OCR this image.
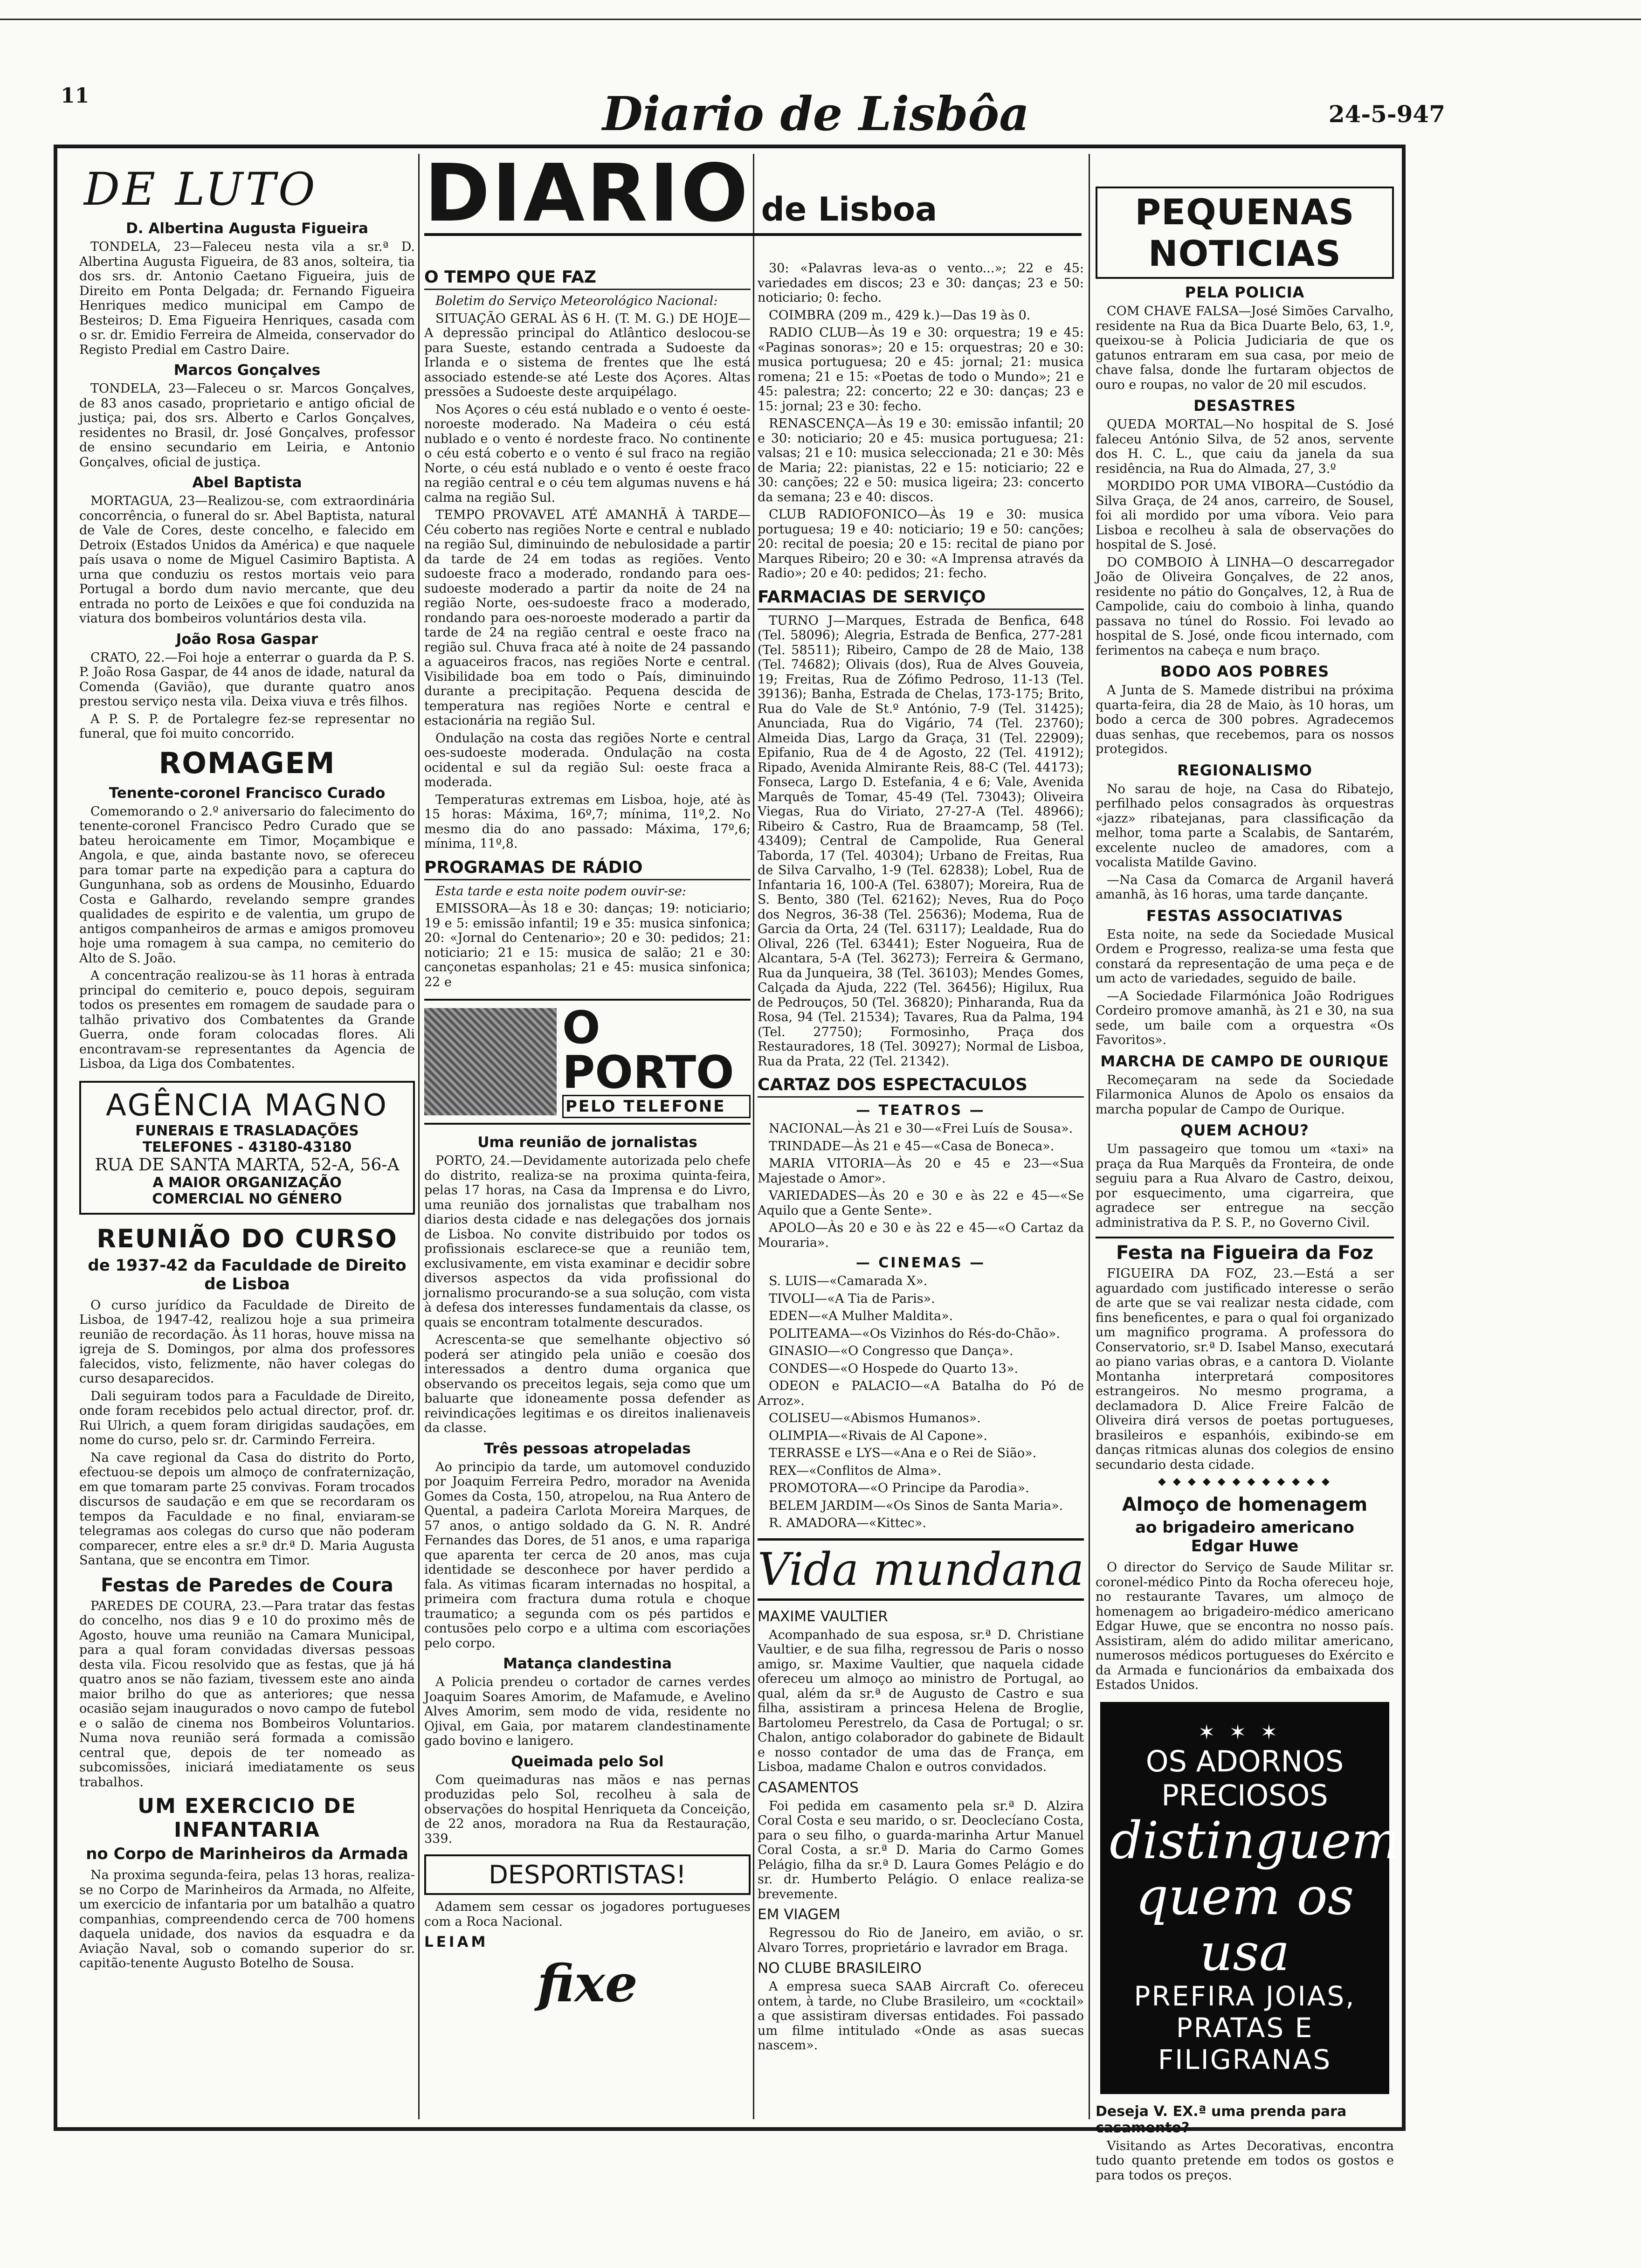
11	Diario de Lisbôa	24-5-947
DE LUTO
D. Albertina Augusta Figueira

TONDELA, 23—Faleceu nesta vila a sr.ª D. Albertina Augusta Figueira, de 83 anos, solteira, tia dos srs. dr. Antonio Caetano Figueira, juis de Direito em Ponta Delgada; dr. Fernando Figueira Henriques medico municipal em Campo de Besteiros; D. Ema Figueira Henriques, casada com o sr. dr. Emidio Ferreira de Almeida, conservador do Registo Predial em Castro Daire.

Marcos Gonçalves

TONDELA, 23—Faleceu o sr. Marcos Gonçalves, de 83 anos casado, proprietario e antigo oficial de justiça; pai, dos srs. Alberto e Carlos Gonçalves, residentes no Brasil, dr. José Gonçalves, professor de ensino secundario em Leiria, e Antonio Gonçalves, oficial de justiça.

Abel Baptista

MORTAGUA, 23—Realizou-se, com extraordinária concorrência, o funeral do sr. Abel Baptista, natural de Vale de Cores, deste concelho, e falecido em Detroix (Estados Unidos da América) e que naquele país usava o nome de Miguel Casimiro Baptista. A urna que conduziu os restos mortais veio para Portugal a bordo dum navio mercante, que deu entrada no porto de Leixões e que foi conduzida na viatura dos bombeiros voluntários desta vila.

João Rosa Gaspar

CRATO, 22.—Foi hoje a enterrar o guarda da P. S. P. João Rosa Gaspar, de 44 anos de idade, natural da Comenda (Gavião), que durante quatro anos prestou serviço nesta vila. Deixa viuva e três filhos.

A P. S. P. de Portalegre fez-se representar no funeral, que foi muito concorrido.

ROMAGEM
Tenente-coronel Francisco Curado

Comemorando o 2.º aniversario do falecimento do tenente-coronel Francisco Pedro Curado que se bateu heroicamente em Timor, Moçambique e Angola, e que, ainda bastante novo, se ofereceu para tomar parte na expedição para a captura do Gungunhana, sob as ordens de Mousinho, Eduardo Costa e Galhardo, revelando sempre grandes qualidades de espirito e de valentia, um grupo de antigos companheiros de armas e amigos promoveu hoje uma romagem à sua campa, no cemiterio do Alto de S. João.

A concentração realizou-se às 11 horas à entrada principal do cemiterio e, pouco depois, seguiram todos os presentes em romagem de saudade para o talhão privativo dos Combatentes da Grande Guerra, onde foram colocadas flores. Ali encontravam-se representantes da Agencia de Lisboa, da Liga dos Combatentes.

AGÊNCIA MAGNO
FUNERAIS E TRASLADAÇÕES
TELEFONES - 43180-43180
RUA DE SANTA MARTA, 52-A, 56-A
A MAIOR ORGANIZAÇÃO
COMERCIAL NO GÉNERO
REUNIÃO DO CURSO
de 1937-42 da Faculdade de Direito de Lisboa

O curso jurídico da Faculdade de Direito de Lisboa, de 1947-42, realizou hoje a sua primeira reunião de recordação. Às 11 horas, houve missa na igreja de S. Domingos, por alma dos professores falecidos, visto, felizmente, não haver colegas do curso desaparecidos.

Dali seguiram todos para a Faculdade de Direito, onde foram recebidos pelo actual director, prof. dr. Rui Ulrich, a quem foram dirigidas saudações, em nome do curso, pelo sr. dr. Carmindo Ferreira.

Na cave regional da Casa do distrito do Porto, efectuou-se depois um almoço de confraternização, em que tomaram parte 25 convivas. Foram trocados discursos de saudação e em que se recordaram os tempos da Faculdade e no final, enviaram-se telegramas aos colegas do curso que não poderam comparecer, entre eles a sr.ª dr.ª D. Maria Augusta Santana, que se encontra em Timor.

Festas de Paredes de Coura

PAREDES DE COURA, 23.—Para tratar das festas do concelho, nos dias 9 e 10 do proximo mês de Agosto, houve uma reunião na Camara Municipal, para a qual foram convidadas diversas pessoas desta vila. Ficou resolvido que as festas, que já há quatro anos se não faziam, tivessem este ano ainda maior brilho do que as anteriores; que nessa ocasião sejam inaugurados o novo campo de futebol e o salão de cinema nos Bombeiros Voluntarios. Numa nova reunião será formada a comissão central que, depois de ter nomeado as subcomissões, iniciará imediatamente os seus trabalhos.

UM EXERCICIO DE INFANTARIA
no Corpo de Marinheiros da Armada

Na proxima segunda-feira, pelas 13 horas, realiza-se no Corpo de Marinheiros da Armada, no Alfeite, um exercicio de infantaria por um batalhão a quatro companhias, compreendendo cerca de 700 homens daquela unidade, dos navios da esquadra e da Aviação Naval, sob o comando superior do sr. capitão-tenente Augusto Botelho de Sousa.

DIARIO de Lisboa
O TEMPO QUE FAZ

Boletim do Serviço Meteorológico Nacional:

SITUAÇÃO GERAL ÀS 6 H. (T. M. G.) DE HOJE—A depressão principal do Atlântico deslocou-se para Sueste, estando centrada a Sudoeste da Irlanda e o sistema de frentes que lhe está associado estende-se até Leste dos Açores. Altas pressões a Sudoeste deste arquipélago.

Nos Açores o céu está nublado e o vento é oeste-noroeste moderado. Na Madeira o céu está nublado e o vento é nordeste fraco. No continente o céu está coberto e o vento é sul fraco na região Norte, o céu está nublado e o vento é oeste fraco na região central e o céu tem algumas nuvens e há calma na região Sul.

TEMPO PROVAVEL ATÉ AMANHÃ À TARDE—Céu coberto nas regiões Norte e central e nublado na região Sul, diminuindo de nebulosidade a partir da tarde de 24 em todas as regiões. Vento sudoeste fraco a moderado, rondando para oes-sudoeste moderado a partir da noite de 24 na região Norte, oes-sudoeste fraco a moderado, rondando para oes-noroeste moderado a partir da tarde de 24 na região central e oeste fraco na região sul. Chuva fraca até à noite de 24 passando a aguaceiros fracos, nas regiões Norte e central. Visibilidade boa em todo o País, diminuindo durante a precipitação. Pequena descida de temperatura nas regiões Norte e central e estacionária na região Sul.

Ondulação na costa das regiões Norte e central oes-sudoeste moderada. Ondulação na costa ocidental e sul da região Sul: oeste fraca a moderada.

Temperaturas extremas em Lisboa, hoje, até às 15 horas: Máxima, 16º,7; mínima, 11º,2. No mesmo dia do ano passado: Máxima, 17º,6; mínima, 11º,8.

PROGRAMAS DE RÁDIO

Esta tarde e esta noite podem ouvir-se:

EMISSORA—Às 18 e 30: danças; 19: noticiario; 19 e 5: emissão infantil; 19 e 35: musica sinfonica; 20: «Jornal do Centenario»; 20 e 30: pedidos; 21: noticiario; 21 e 15: musica de salão; 21 e 30: cançonetas espanholas; 21 e 45: musica sinfonica; 22 e

O PORTO
PELO TELEFONE
Uma reunião de jornalistas

PORTO, 24.—Devidamente autorizada pelo chefe do distrito, realiza-se na proxima quinta-feira, pelas 17 horas, na Casa da Imprensa e do Livro, uma reunião dos jornalistas que trabalham nos diarios desta cidade e nas delegações dos jornais de Lisboa. No convite distribuido por todos os profissionais esclarece-se que a reunião tem, exclusivamente, em vista examinar e decidir sobre diversos aspectos da vida profissional do jornalismo procurando-se a sua solução, com vista à defesa dos interesses fundamentais da classe, os quais se encontram totalmente descurados.

Acrescenta-se que semelhante objectivo só poderá ser atingido pela união e coesão dos interessados a dentro duma organica que observando os preceitos legais, seja como que um baluarte que idoneamente possa defender as reivindicações legitimas e os direitos inalienaveis da classe.

Três pessoas atropeladas

Ao principio da tarde, um automovel conduzido por Joaquim Ferreira Pedro, morador na Avenida Gomes da Costa, 150, atropelou, na Rua Antero de Quental, a padeira Carlota Moreira Marques, de 57 anos, o antigo soldado da G. N. R. André Fernandes das Dores, de 51 anos, e uma rapariga que aparenta ter cerca de 20 anos, mas cuja identidade se desconhece por haver perdido a fala. As vitimas ficaram internadas no hospital, a primeira com fractura duma rotula e choque traumatico; a segunda com os pés partidos e contusões pelo corpo e a ultima com escoriações pelo corpo.

Matança clandestina

A Policia prendeu o cortador de carnes verdes Joaquim Soares Amorim, de Mafamude, e Avelino Alves Amorim, sem modo de vida, residente no Ojival, em Gaia, por matarem clandestinamente gado bovino e lanigero.

Queimada pelo Sol

Com queimaduras nas mãos e nas pernas produzidas pelo Sol, recolheu à sala de observações do hospital Henriqueta da Conceição, de 22 anos, moradora na Rua da Restauração, 339.

DESPORTISTAS!

Adamem sem cessar os jogadores portugueses com a Roca Nacional.

LEIAM
fixe

30: «Palavras leva-as o vento...»; 22 e 45: variedades em discos; 23 e 30: danças; 23 e 50: noticiario; 0: fecho.

COIMBRA (209 m., 429 k.)—Das 19 às 0.

RADIO CLUB—Às 19 e 30: orquestra; 19 e 45: «Paginas sonoras»; 20 e 15: orquestras; 20 e 30: musica portuguesa; 20 e 45: jornal; 21: musica romena; 21 e 15: «Poetas de todo o Mundo»; 21 e 45: palestra; 22: concerto; 22 e 30: danças; 23 e 15: jornal; 23 e 30: fecho.

RENASCENÇA—Às 19 e 30: emissão infantil; 20 e 30: noticiario; 20 e 45: musica portuguesa; 21: valsas; 21 e 10: musica seleccionada; 21 e 30: Mês de Maria; 22: pianistas, 22 e 15: noticiario; 22 e 30: canções; 22 e 50: musica ligeira; 23: concerto da semana; 23 e 40: discos.

CLUB RADIOFONICO—Às 19 e 30: musica portuguesa; 19 e 40: noticiario; 19 e 50: canções; 20: recital de poesia; 20 e 15: recital de piano por Marques Ribeiro; 20 e 30: «A Imprensa através da Radio»; 20 e 40: pedidos; 21: fecho.

FARMACIAS DE SERVIÇO

TURNO J—Marques, Estrada de Benfica, 648 (Tel. 58096); Alegria, Estrada de Benfica, 277-281 (Tel. 58511); Ribeiro, Campo de 28 de Maio, 138 (Tel. 74682); Olivais (dos), Rua de Alves Gouveia, 19; Freitas, Rua de Zófimo Pedroso, 11-13 (Tel. 39136); Banha, Estrada de Chelas, 173-175; Brito, Rua do Vale de St.º António, 7-9 (Tel. 31425); Anunciada, Rua do Vigário, 74 (Tel. 23760); Almeida Dias, Largo da Graça, 31 (Tel. 22909); Epifanio, Rua de 4 de Agosto, 22 (Tel. 41912); Ripado, Avenida Almirante Reis, 88-C (Tel. 44173); Fonseca, Largo D. Estefania, 4 e 6; Vale, Avenida Marquês de Tomar, 45-49 (Tel. 73043); Oliveira Viegas, Rua do Viriato, 27-27-A (Tel. 48966); Ribeiro & Castro, Rua de Braamcamp, 58 (Tel. 43409); Central de Campolide, Rua General Taborda, 17 (Tel. 40304); Urbano de Freitas, Rua de Silva Carvalho, 1-9 (Tel. 62838); Lobel, Rua de Infantaria 16, 100-A (Tel. 63807); Moreira, Rua de S. Bento, 380 (Tel. 62162); Neves, Rua do Poço dos Negros, 36-38 (Tel. 25636); Modema, Rua de Garcia da Orta, 24 (Tel. 63117); Lealdade, Rua do Olival, 226 (Tel. 63441); Ester Nogueira, Rua de Alcantara, 5-A (Tel. 36273); Ferreira & Germano, Rua da Junqueira, 38 (Tel. 36103); Mendes Gomes, Calçada da Ajuda, 222 (Tel. 36456); Higilux, Rua de Pedrouços, 50 (Tel. 36820); Pinharanda, Rua da Rosa, 94 (Tel. 21534); Tavares, Rua da Palma, 194 (Tel. 27750); Formosinho, Praça dos Restauradores, 18 (Tel. 30927); Normal de Lisboa, Rua da Prata, 22 (Tel. 21342).

CARTAZ DOS ESPECTACULOS
— TEATROS —

NACIONAL—Às 21 e 30—«Frei Luís de Sousa».

TRINDADE—Às 21 e 45—«Casa de Boneca».

MARIA VITORIA—Às 20 e 45 e 23—«Sua Majestade o Amor».

VARIEDADES—Às 20 e 30 e às 22 e 45—«Se Aquilo que a Gente Sente».

APOLO—Às 20 e 30 e às 22 e 45—«O Cartaz da Mouraria».

— CINEMAS —

S. LUIS—«Camarada X».

TIVOLI—«A Tia de Paris».

EDEN—«A Mulher Maldita».

POLITEAMA—«Os Vizinhos do Rés-do-Chão».

GINASIO—«O Congresso que Dança».

CONDES—«O Hospede do Quarto 13».

ODEON e PALACIO—«A Batalha do Pó de Arroz».

COLISEU—«Abismos Humanos».

OLIMPIA—«Rivais de Al Capone».

TERRASSE e LYS—«Ana e o Rei de Sião».

REX—«Conflitos de Alma».

PROMOTORA—«O Principe da Parodia».

BELEM JARDIM—«Os Sinos de Santa Maria».

R. AMADORA—«Kittec».

Vida mundana
MAXIME VAULTIER

Acompanhado de sua esposa, sr.ª D. Christiane Vaultier, e de sua filha, regressou de Paris o nosso amigo, sr. Maxime Vaultier, que naquela cidade ofereceu um almoço ao ministro de Portugal, ao qual, além da sr.ª de Augusto de Castro e sua filha, assistiram a princesa Helena de Broglie, Bartolomeu Perestrelo, da Casa de Portugal; o sr. Chalon, antigo colaborador do gabinete de Bidault e nosso contador de uma das de França, em Lisboa, madame Chalon e outros convidados.

CASAMENTOS

Foi pedida em casamento pela sr.ª D. Alzira Coral Costa e seu marido, o sr. Deoclecíano Costa, para o seu filho, o guarda-marinha Artur Manuel Coral Costa, a sr.ª D. Maria do Carmo Gomes Pelágio, filha da sr.ª D. Laura Gomes Pelágio e do sr. dr. Humberto Pelágio. O enlace realiza-se brevemente.

EM VIAGEM

Regressou do Rio de Janeiro, em avião, o sr. Alvaro Torres, proprietário e lavrador em Braga.

NO CLUBE BRASILEIRO

A empresa sueca SAAB Aircraft Co. ofereceu ontem, à tarde, no Clube Brasileiro, um «cocktail» a que assistiram diversas entidades. Foi passado um filme intitulado «Onde as asas suecas nascem».

PEQUENAS NOTICIAS
PELA POLICIA

COM CHAVE FALSA—José Simões Carvalho, residente na Rua da Bica Duarte Belo, 63, 1.º, queixou-se à Policia Judiciaria de que os gatunos entraram em sua casa, por meio de chave falsa, donde lhe furtaram objectos de ouro e roupas, no valor de 20 mil escudos.

DESASTRES

QUEDA MORTAL—No hospital de S. José faleceu António Silva, de 52 anos, servente dos H. C. L., que caiu da janela da sua residência, na Rua do Almada, 27, 3.º

MORDIDO POR UMA VIBORA—Custódio da Silva Graça, de 24 anos, carreiro, de Sousel, foi ali mordido por uma víbora. Veio para Lisboa e recolheu à sala de observações do hospital de S. José.

DO COMBOIO À LINHA—O descarregador João de Oliveira Gonçalves, de 22 anos, residente no pátio do Gonçalves, 12, à Rua de Campolide, caiu do comboio à linha, quando passava no túnel do Rossio. Foi levado ao hospital de S. José, onde ficou internado, com ferimentos na cabeça e num braço.

BODO AOS POBRES

A Junta de S. Mamede distribui na próxima quarta-feira, dia 28 de Maio, às 10 horas, um bodo a cerca de 300 pobres. Agradecemos duas senhas, que recebemos, para os nossos protegidos.

REGIONALISMO

No sarau de hoje, na Casa do Ribatejo, perfilhado pelos consagrados às orquestras «jazz» ribatejanas, para classificação da melhor, toma parte a Scalabis, de Santarém, excelente nucleo de amadores, com a vocalista Matilde Gavino.

—Na Casa da Comarca de Arganil haverá amanhã, às 16 horas, uma tarde dançante.

FESTAS ASSOCIATIVAS

Esta noite, na sede da Sociedade Musical Ordem e Progresso, realiza-se uma festa que constará da representação de uma peça e de um acto de variedades, seguido de baile.

—A Sociedade Filarmónica João Rodrigues Cordeiro promove amanhã, às 21 e 30, na sua sede, um baile com a orquestra «Os Favoritos».

MARCHA DE CAMPO DE OURIQUE

Recomeçaram na sede da Sociedade Filarmonica Alunos de Apolo os ensaios da marcha popular de Campo de Ourique.

QUEM ACHOU?

Um passageiro que tomou um «taxi» na praça da Rua Marquês da Fronteira, de onde seguiu para a Rua Alvaro de Castro, deixou, por esquecimento, uma cigarreira, que agradece ser entregue na secção administrativa da P. S. P., no Governo Civil.

Festa na Figueira da Foz

FIGUEIRA DA FOZ, 23.—Está a ser aguardado com justificado interesse o serão de arte que se vai realizar nesta cidade, com fins beneficentes, e para o qual foi organizado um magnifico programa. A professora do Conservatorio, sr.ª D. Isabel Manso, executará ao piano varias obras, e a cantora D. Violante Montanha interpretará compositores estrangeiros. No mesmo programa, a declamadora D. Alice Freire Falcão de Oliveira dirá versos de poetas portugueses, brasileiros e espanhóis, exibindo-se em danças ritmicas alunas dos colegios de ensino secundario desta cidade.

◆ ◆ ◆ ◆ ◆ ◆ ◆ ◆ ◆ ◆ ◆ ◆
Almoço de homenagem
ao brigadeiro americano
Edgar Huwe

O director do Serviço de Saude Militar sr. coronel-médico Pinto da Rocha ofereceu hoje, no restaurante Tavares, um almoço de homenagem ao brigadeiro-médico americano Edgar Huwe, que se encontra no nosso país. Assistiram, além do adido militar americano, numerosos médicos portugueses do Exército e da Armada e funcionários da embaixada dos Estados Unidos.

✶✶✶
OS ADORNOS PRECIOSOS
distinguem quem os usa
PREFIRA JOIAS, PRATAS E FILIGRANAS
Deseja V. EX.ª uma prenda para casamento?

Visitando as Artes Decorativas, encontra tudo quanto pretende em todos os gostos e para todos os preços.
